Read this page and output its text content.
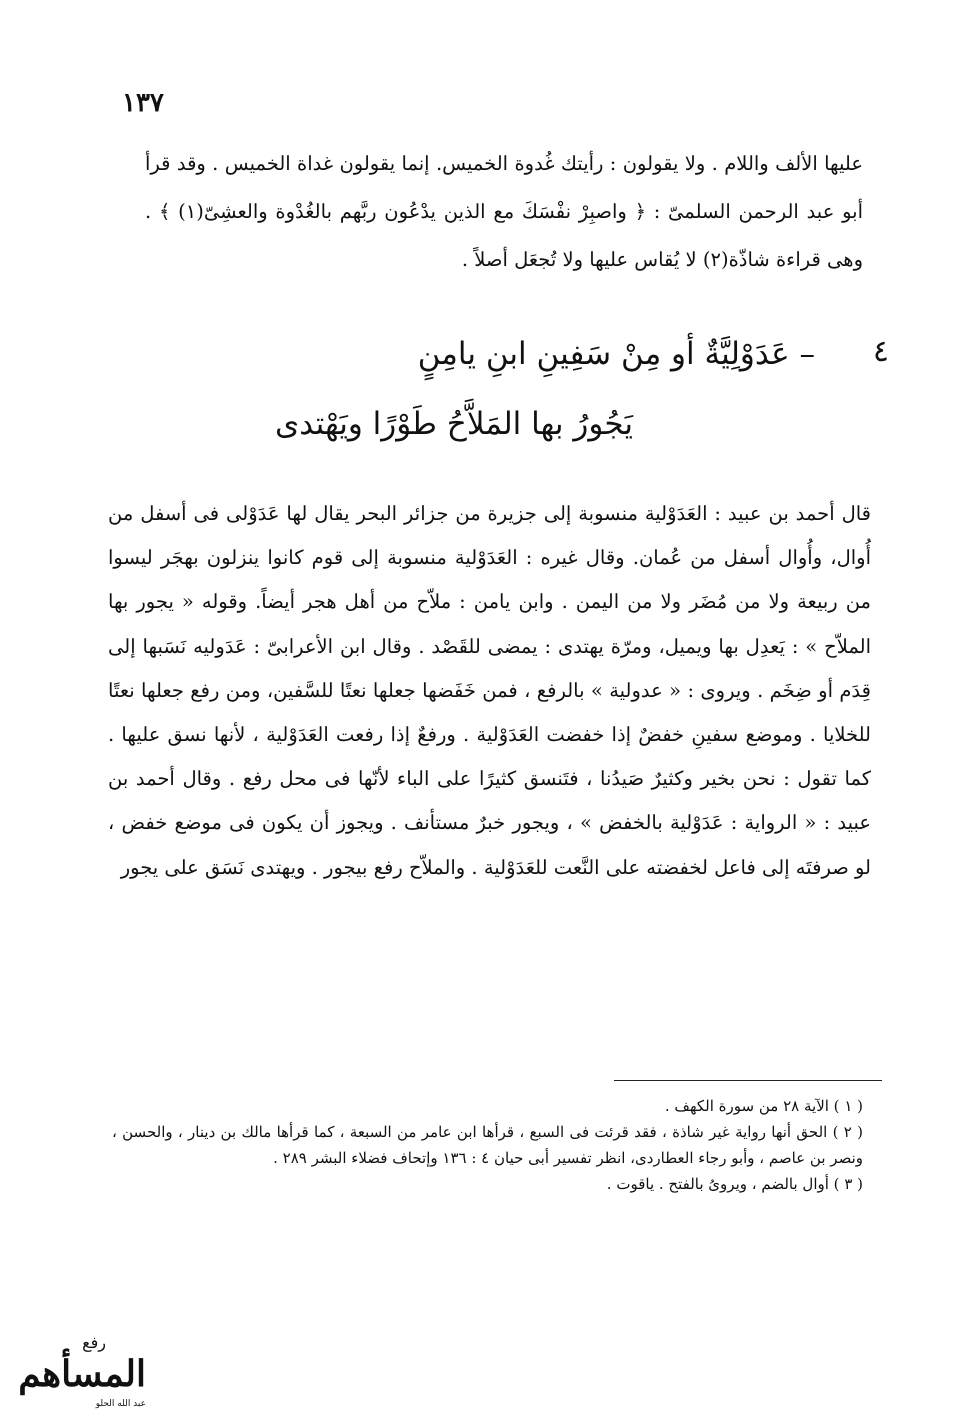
١٣٧

عليها الألف واللام . ولا يقولون : رأيتك غُدوة الخميس. إنما يقولون غداة الخميس . وقد قرأ أبو عبد الرحمن السلمىّ : ﴿ واصبِرْ نفْسَكَ مع الذين يدْعُون ربَّهم بالغُدْوة والعشِىّ(١) ﴾ . وهى قراءة شاذّة(٢) لا يُقاس عليها ولا تُجعَل أصلاً .

٤
– عَدَوْلِيَّةٌ أو مِنْ سَفِينِ ابنِ يامِنٍ
يَجُورُ بها المَلاَّحُ طَوْرًا ويَهْتدى

قال أحمد بن عبيد : العَدَوْلية منسوبة إلى جزيرة من جزائر البحر يقال لها عَدَوْلى فى أسفل من أُوال، وأُوال أسفل من عُمان. وقال غيره : العَدَوْلية منسوبة إلى قوم كانوا ينزلون بهجَر ليسوا من ربيعة ولا من مُضَر ولا من اليمن . وابن يامن : ملاّح من أهل هجر أيضاً. وقوله « يجور بها الملاّح » : يَعدِل بها ويميل، ومرّة يهتدى : يمضى للقَصْد . وقال ابن الأعرابىّ : عَدَوليه نَسَبها إلى قِدَم أو ضِخَم . ويروى : « عدولية » بالرفع ، فمن خَفَضها جعلها نعتًا للسَّفين، ومن رفع جعلها نعتًا للخلايا . وموضع سفينِ خفضٌ إذا خفضت العَدَوْلية . ورفعٌ إذا رفعت العَدَوْلية ، لأنها نسق عليها . كما تقول : نحن بخير وكثيرٌ صَيدُنا ، فتَنسق كثيرًا على الباء لأنّها فى محل رفع . وقال أحمد بن عبيد : « الرواية : عَدَوْلية بالخفض » ، ويجور خبرٌ مستأنف . ويجوز أن يكون فى موضع خفض ، لو صرفتَه إلى فاعل لخفضته على النَّعت للعَدَوْلية . والملاّح رفع بيجور . ويهتدى نَسَق على يجور

( ١ ) الآية ٢٨ من سورة الكهف .

( ٢ ) الحق أنها رواية غير شاذة ، فقد قرئت فى السبع ، قرأها ابن عامر من السبعة ، كما قرأها مالك بن دينار ، والحسن ، ونصر بن عاصم ، وأبو رجاء العطاردى، انظر تفسير أبى حيان ٤ : ١٣٦ وإتحاف فضلاء البشر ٢٨٩ .

( ٣ ) أوال بالضم ، ويروىُ بالفتح . ياقوت .

رفع
المسأهم
عبد الله الحلو
